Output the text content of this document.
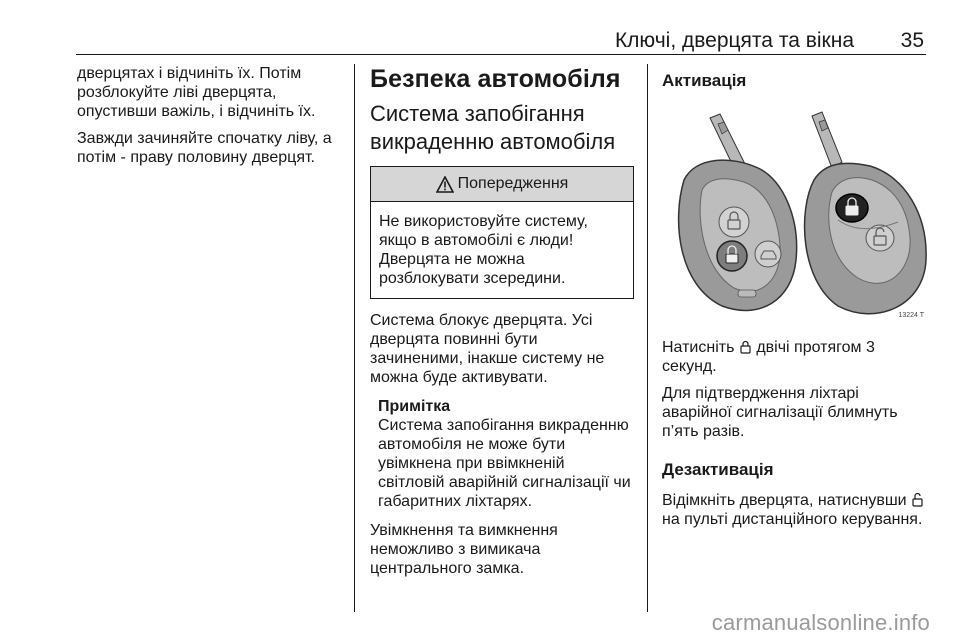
Ключі, дверцята та вікна 35

дверцятах і відчиніть їх. Потім розблокуйте ліві дверцята, опустивши важіль, і відчиніть їх.

Завжди зачиняйте спочатку ліву, а потім - праву половину дверцят.

Безпека автомобіля
Система запобігання викраденню автомобіля
Попередження
Не використовуйте систему, якщо в автомобілі є люди! Дверцята не можна розблокувати зсередини.

Система блокує дверцята. Усі дверцята повинні бути зачиненими, інакше систему не можна буде активувати.

Примітка
Система запобігання викраденню автомобіля не може бути увімкнена при ввімкненій світловій аварійній сигналізації чи габаритних ліхтарях.

Увімкнення та вимкнення неможливо з вимикача центрального замка.

Активація
13224 T

Натисніть двічі протягом 3 секунд.

Для підтвердження ліхтарі аварійної сигналізації блимнуть п’ять разів.

Дезактивація

Відімкніть дверцята, натиснувши  на пульті дистанційного керування.

carmanualsonline.info
